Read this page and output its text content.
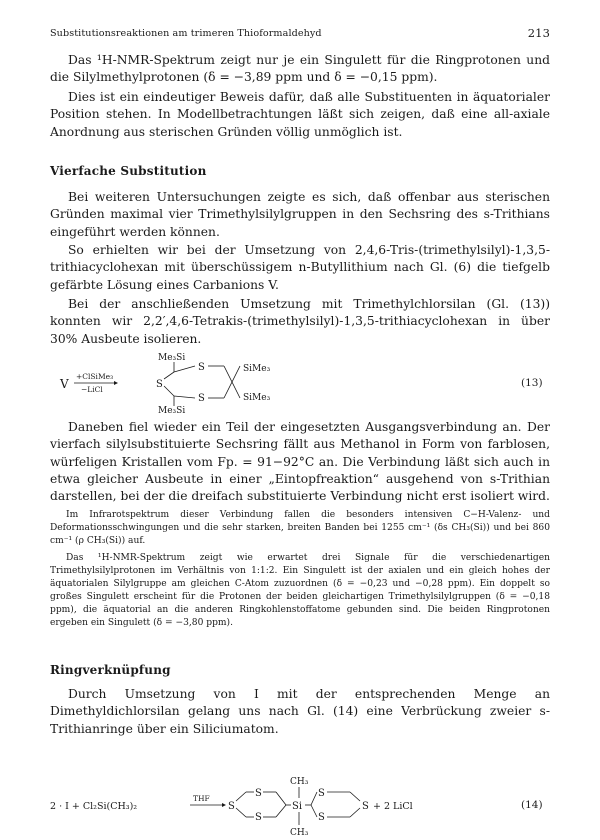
Substitutionsreaktionen am trimeren Thioformaldehyd	213

Das ¹H-NMR-Spektrum zeigt nur je ein Singulett für die Ringprotonen und die Silylmethylprotonen (δ = −3,89 ppm und δ = −0,15 ppm).

Dies ist ein eindeutiger Beweis dafür, daß alle Substituenten in äquatorialer Position stehen. In Modellbetrachtungen läßt sich zeigen, daß eine all-axiale Anordnung aus sterischen Gründen völlig unmöglich ist.

Vierfache Substitution

Bei weiteren Untersuchungen zeigte es sich, daß offenbar aus sterischen Gründen maximal vier Trimethylsilylgruppen in den Sechsring des s-Trithians eingeführt werden können.

So erhielten wir bei der Umsetzung von 2,4,6-Tris-(trimethylsilyl)-1,3,5-trithiacyclohexan mit überschüssigem n-Butyllithium nach Gl. (6) die tiefgelb gefärbte Lösung eines Carbanions V.

Bei der anschließenden Umsetzung mit Trimethylchlorsilan (Gl. (13)) konnten wir 2,2′,4,6-Tetrakis-(trimethylsilyl)-1,3,5-trithiacyclohexan in über 30% Ausbeute isolieren.

V
+ClSiMe₃
−LiCl
Me₃Si
Me₃Si
S
S
S
SiMe₃
SiMe₃
(13)

Daneben fiel wieder ein Teil der eingesetzten Ausgangsverbindung an. Der vierfach silylsubstituierte Sechsring fällt aus Methanol in Form von farblosen, würfeligen Kristallen vom Fp. = 91−92°C an. Die Verbindung läßt sich auch in etwa gleicher Ausbeute in einer „Eintopfreaktion“ ausgehend von s-Trithian darstellen, bei der die dreifach substituierte Verbindung nicht erst isoliert wird.

Im Infrarotspektrum dieser Verbindung fallen die besonders intensiven C−H-Valenz- und Deformationsschwingungen und die sehr starken, breiten Banden bei 1255 cm⁻¹ (δs CH₃(Si)) und bei 860 cm⁻¹ (ρ CH₃(Si)) auf.

Das ¹H-NMR-Spektrum zeigt wie erwartet drei Signale für die verschiedenartigen Trimethylsilylprotonen im Verhältnis von 1:1:2. Ein Singulett ist der axialen und ein gleich hohes der äquatorialen Silylgruppe am gleichen C-Atom zuzuordnen (δ = −0,23 und −0,28 ppm). Ein doppelt so großes Singulett erscheint für die Protonen der beiden gleichartigen Trimethylsilylgruppen (δ = −0,18 ppm), die äquatorial an die anderen Ringkohlenstoffatome gebunden sind. Die beiden Ringprotonen ergeben ein Singulett (δ = −3,80 ppm).

Ringverknüpfung

Durch Umsetzung von I mit der entsprechenden Menge an Dimethyldichlorsilan gelang uns nach Gl. (14) eine Verbrückung zweier s-Trithianringe über ein Siliciumatom.

2 · I + Cl₂Si(CH₃)₂
THF
S
S
S
CH₃
Si
CH₃
S
S
S + 2 LiCl	(14)
